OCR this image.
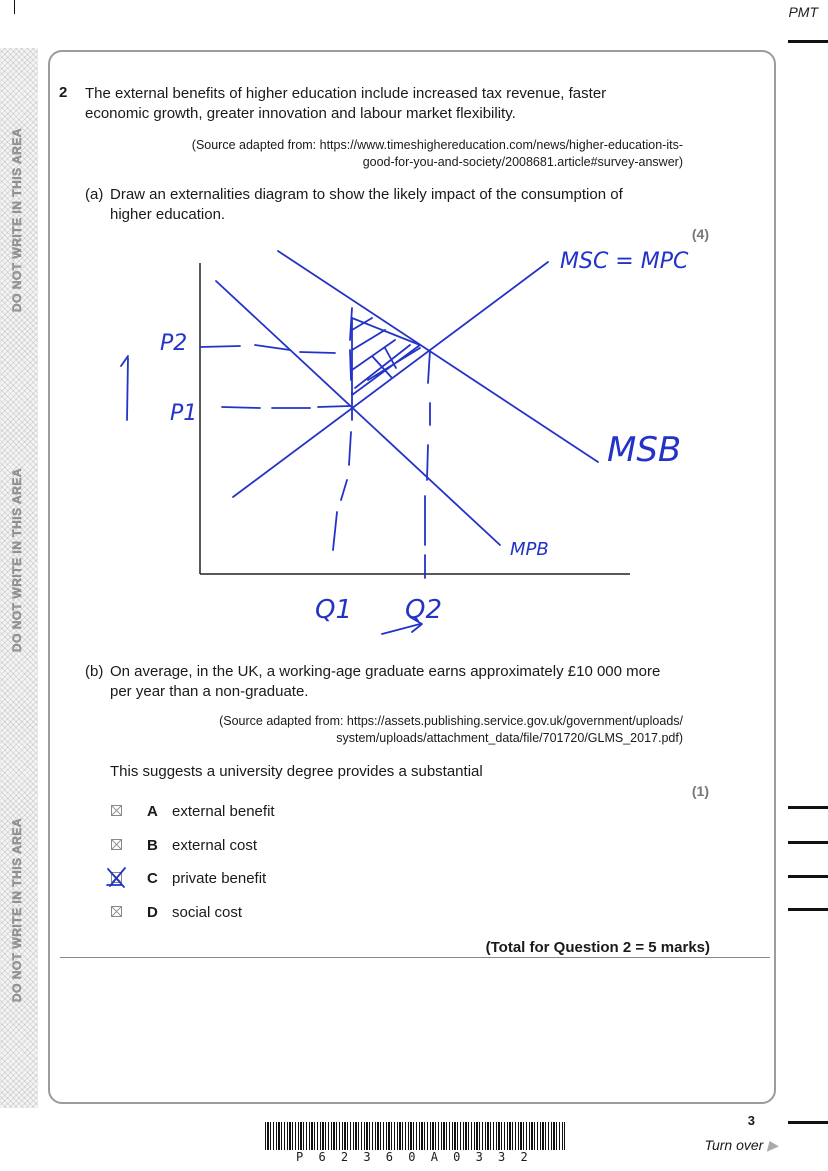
PMT
DO NOT WRITE IN THIS AREA
DO NOT WRITE IN THIS AREA
DO NOT WRITE IN THIS AREA
2 The external benefits of higher education include increased tax revenue, faster
economic growth, greater innovation and labour market flexibility.
(Source adapted from: https://www.timeshighereducation.com/news/higher-education-its-
good-for-you-and-society/2008681.article#survey-answer)
(a) Draw an externalities diagram to show the likely impact of the consumption of
higher education.
(4)
MSC = MPC
MSB
MPB
P2
P1
Q1 Q2
(b) On average, in the UK, a working-age graduate earns approximately £10 000 more
per year than a non-graduate.
(Source adapted from: https://assets.publishing.service.gov.uk/government/uploads/
system/uploads/attachment_data/file/701720/GLMS_2017.pdf)
This suggests a university degree provides a substantial
(1)
A external benefit
B external cost
C private benefit
D social cost
(Total for Question 2 = 5 marks)
P 6 2 3 6 0 A 0 3 3 2
3
Turn over ▶
